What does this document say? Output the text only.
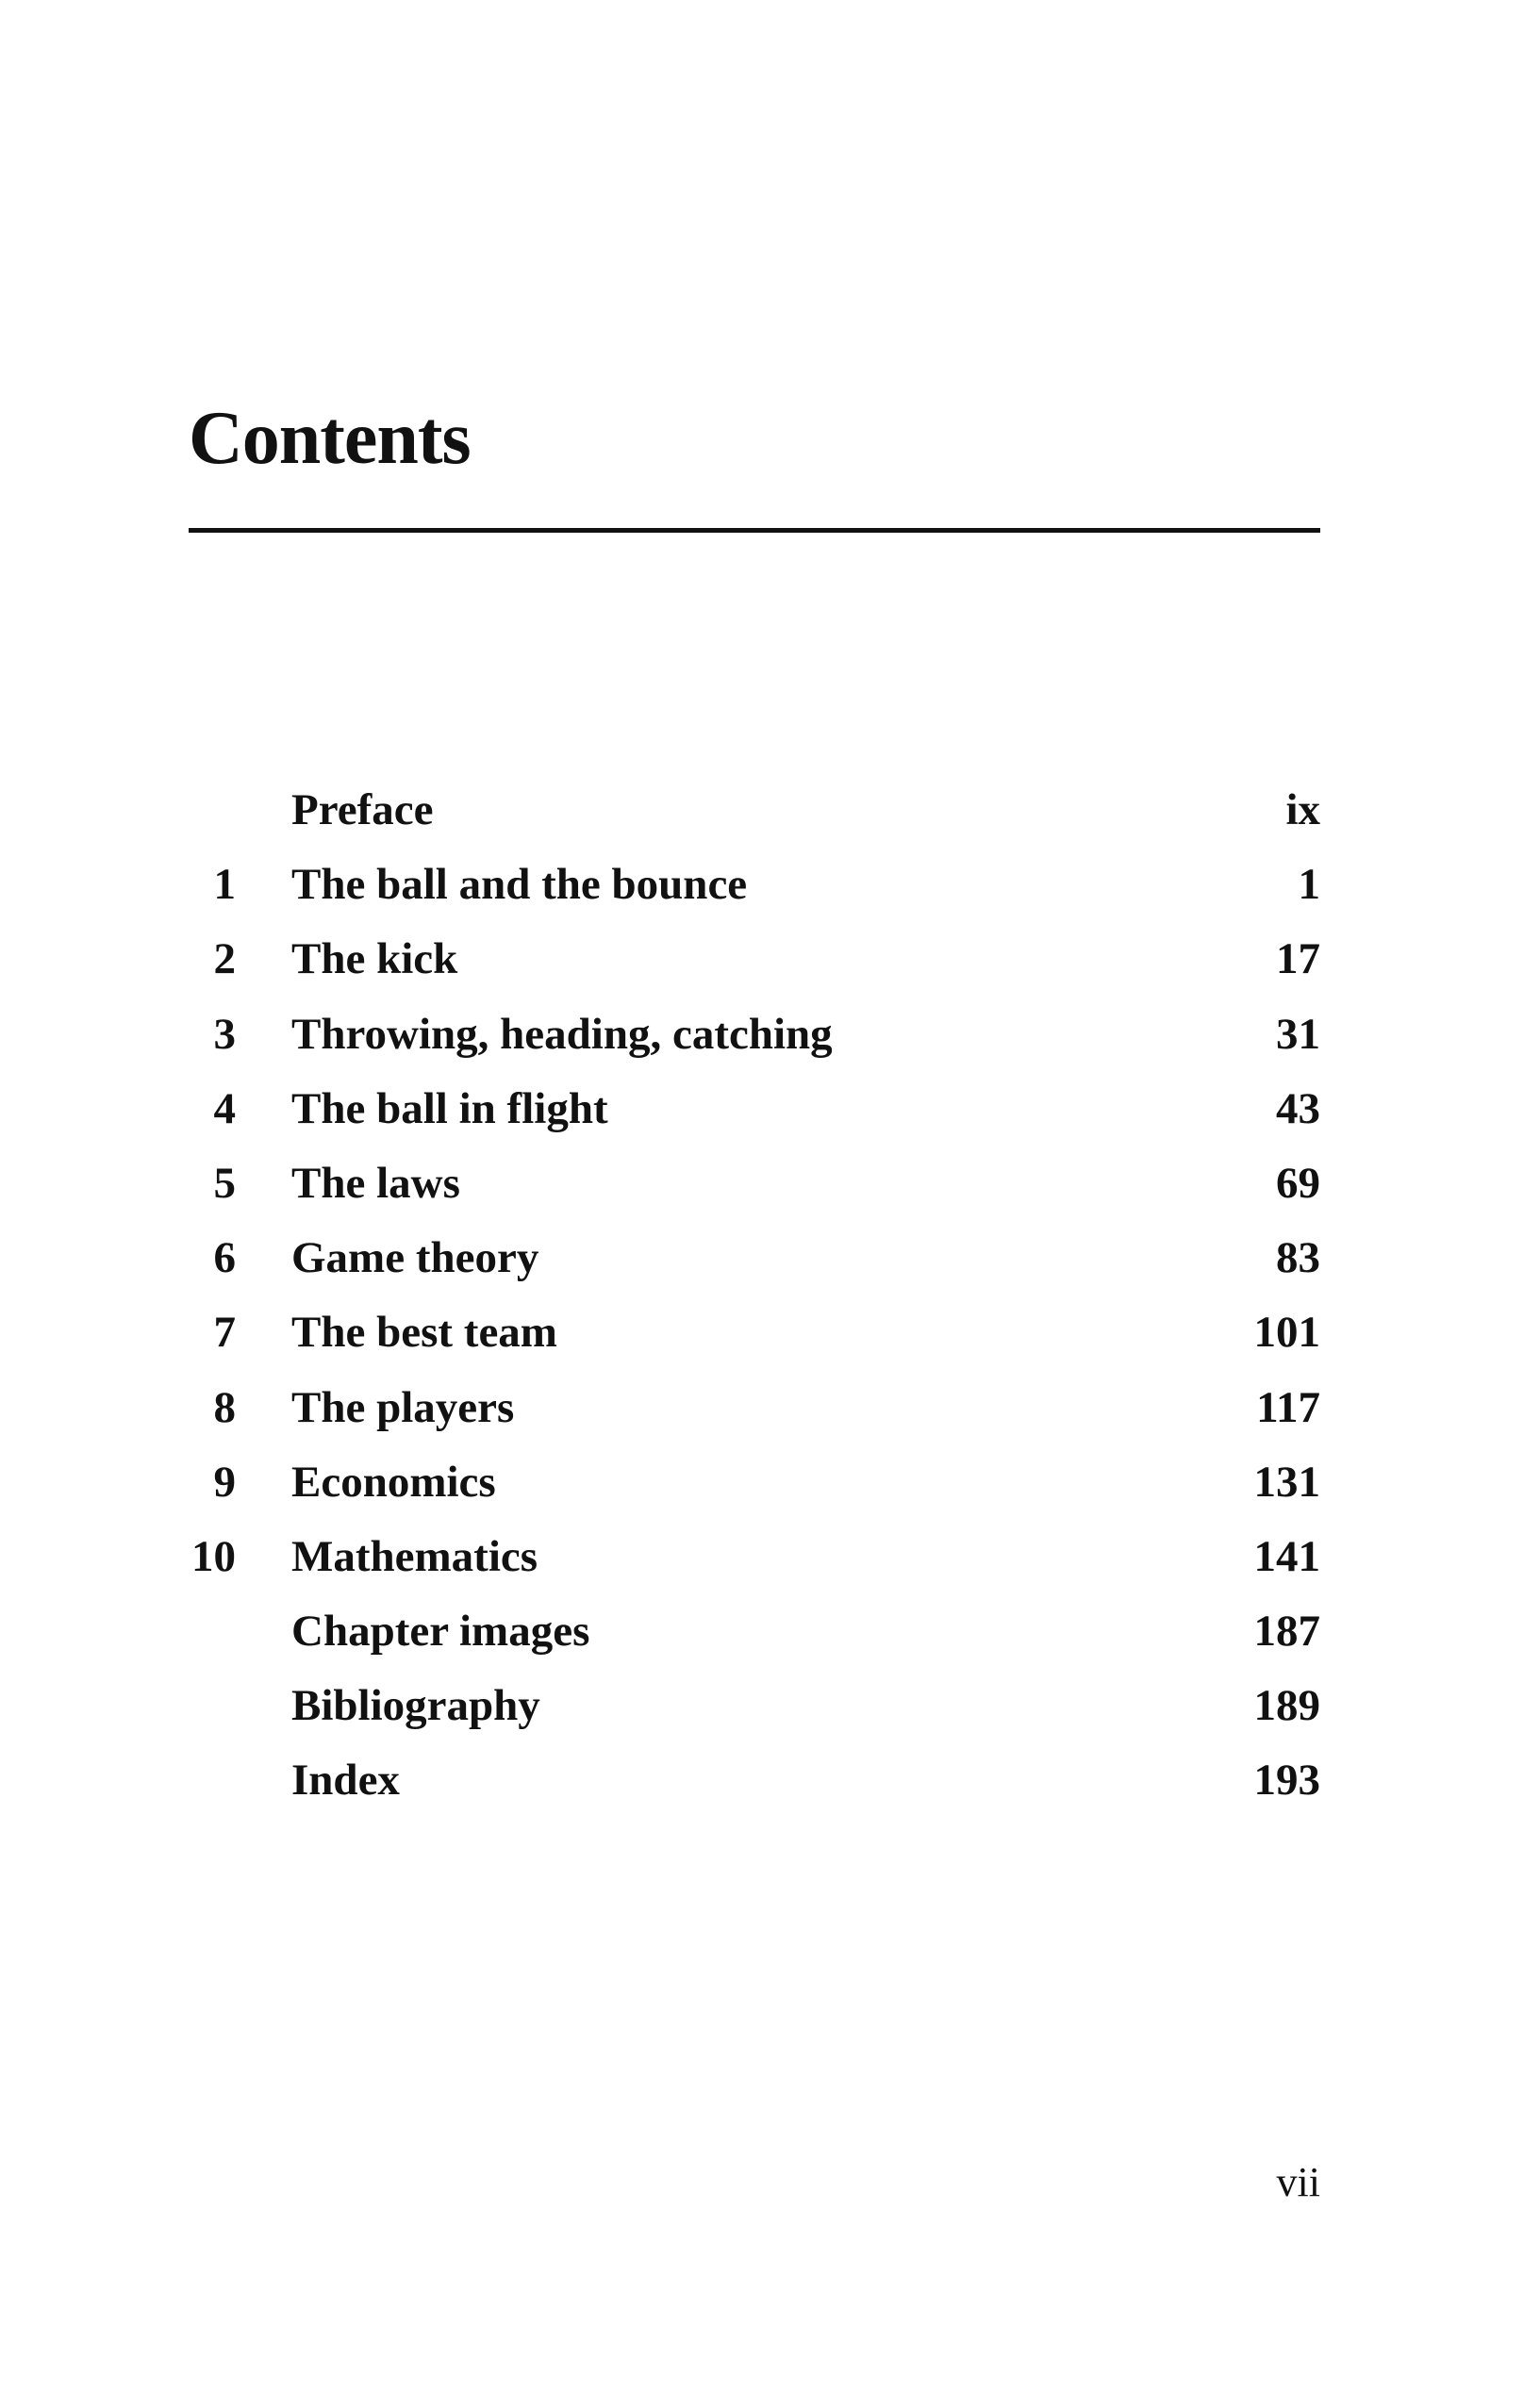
Contents
Preface	ix
1 The ball and the bounce	1
2 The kick	17
3 Throwing, heading, catching	31
4 The ball in flight	43
5 The laws	69
6 Game theory	83
7 The best team	101
8 The players	117
9 Economics	131
10 Mathematics	141
Chapter images	187
Bibliography	189
Index	193
vii
